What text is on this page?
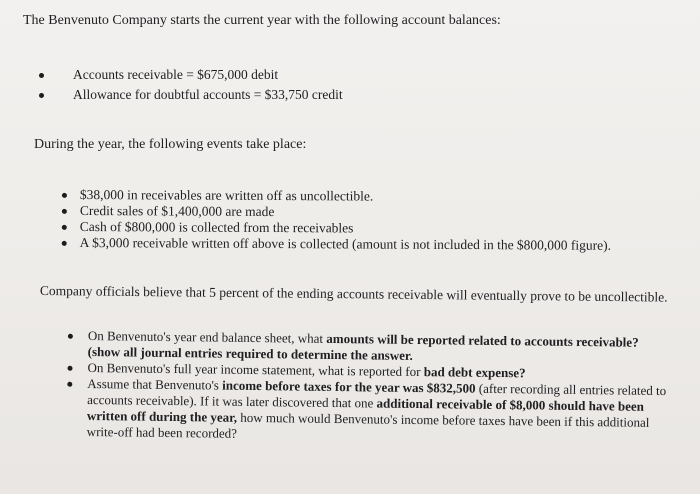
The Benvenuto Company starts the current year with the following account balances:
Accounts receivable = $675,000 debit
Allowance for doubtful accounts = $33,750 credit
During the year, the following events take place:
$38,000 in receivables are written off as uncollectible.
Credit sales of $1,400,000 are made
Cash of $800,000 is collected from the receivables
A $3,000 receivable written off above is collected (amount is not included in the $800,000 figure).
Company officials believe that 5 percent of the ending accounts receivable will eventually prove to be uncollectible.
On Benvenuto's year end balance sheet, what amounts will be reported related to accounts receivable? (show all journal entries required to determine the answer.
On Benvenuto's full year income statement, what is reported for bad debt expense?
Assume that Benvenuto's income before taxes for the year was $832,500 (after recording all entries related to accounts receivable). If it was later discovered that one additional receivable of $8,000 should have been written off during the year, how much would Benvenuto's income before taxes have been if this additional write-off had been recorded?
